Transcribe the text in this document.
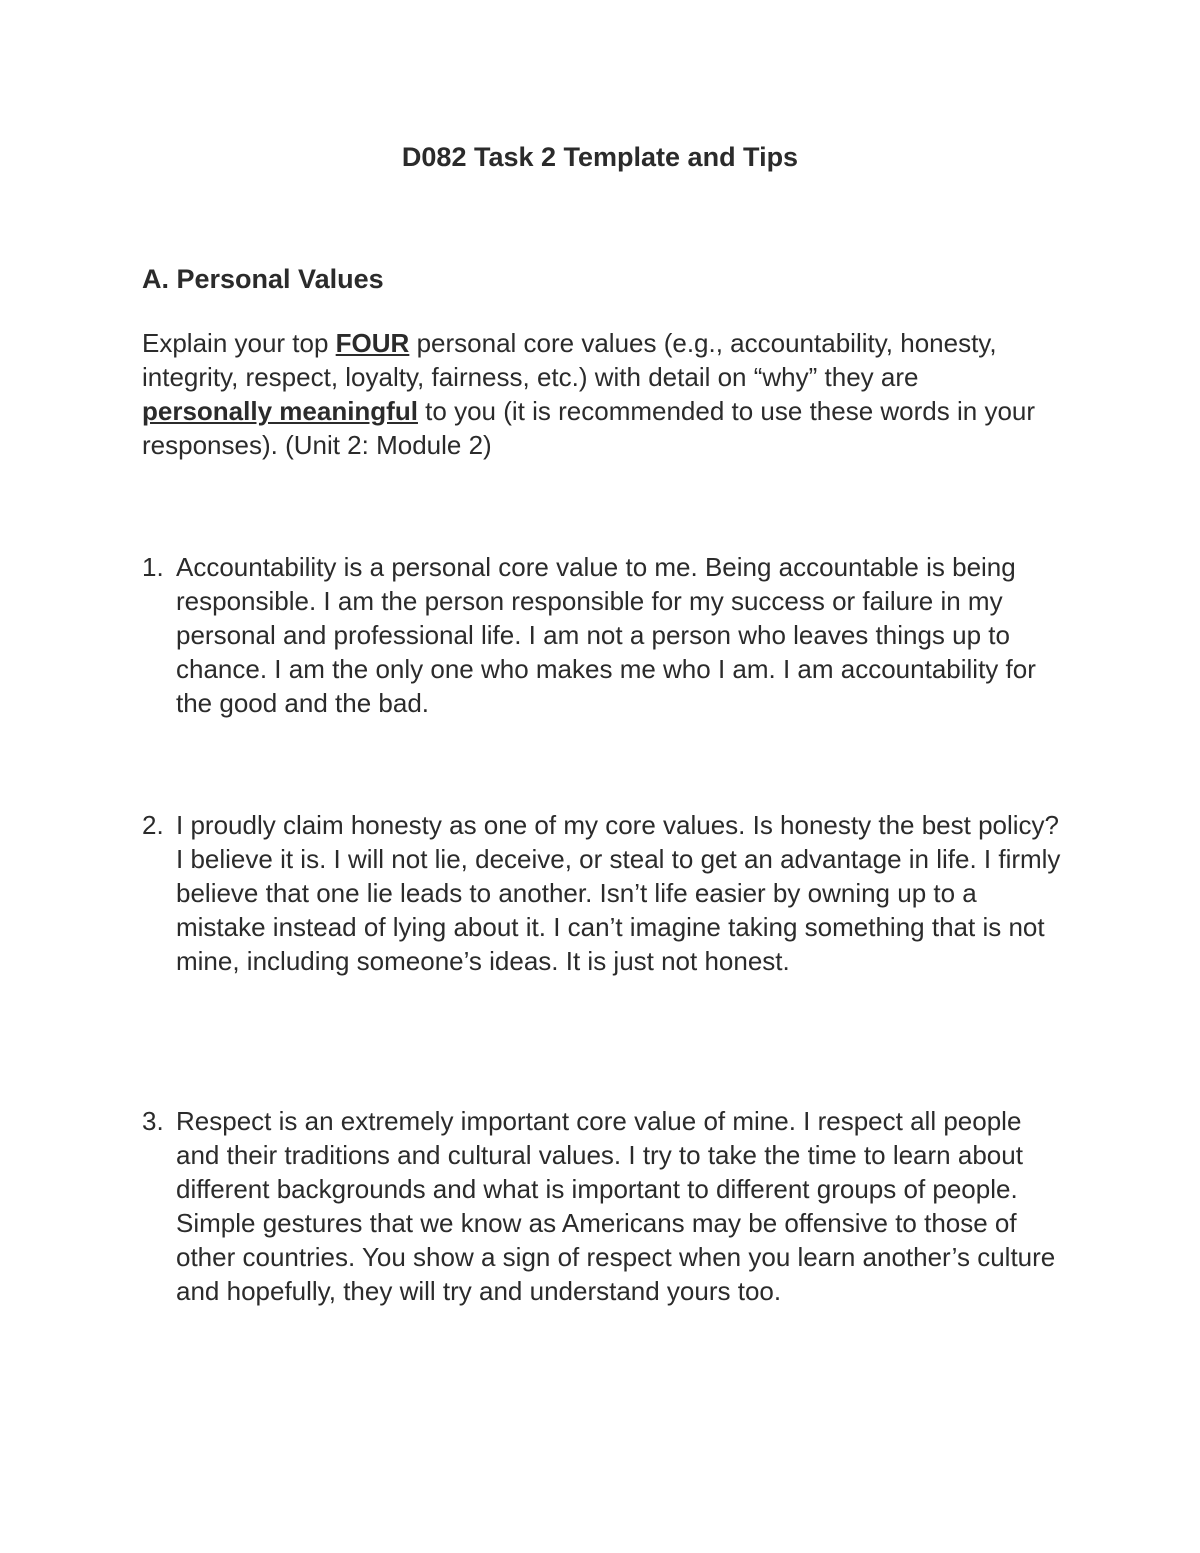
D082 Task 2 Template and Tips
A. Personal Values

Explain your top FOUR personal core values (e.g., accountability, honesty, integrity, respect, loyalty, fairness, etc.) with detail on “why” they are personally meaningful to you (it is recommended to use these words in your responses). (Unit 2: Module 2)

1. Accountability is a personal core value to me. Being accountable is being responsible. I am the person responsible for my success or failure in my personal and professional life. I am not a person who leaves things up to chance. I am the only one who makes me who I am. I am accountability for the good and the bad.
2. I proudly claim honesty as one of my core values. Is honesty the best policy? I believe it is. I will not lie, deceive, or steal to get an advantage in life. I firmly believe that one lie leads to another. Isn’t life easier by owning up to a mistake instead of lying about it. I can’t imagine taking something that is not mine, including someone’s ideas. It is just not honest.
3. Respect is an extremely important core value of mine. I respect all people and their traditions and cultural values. I try to take the time to learn about different backgrounds and what is important to different groups of people. Simple gestures that we know as Americans may be offensive to those of other countries. You show a sign of respect when you learn another’s culture and hopefully, they will try and understand yours too.
